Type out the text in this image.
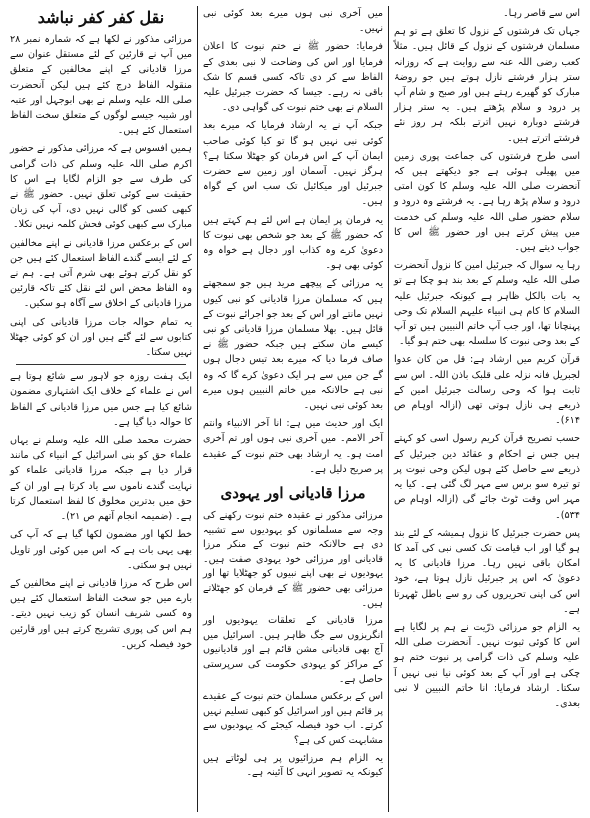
اس سے قاصر رہا۔

جہاں تک فرشتوں کے نزول کا تعلق ہے تو ہم مسلمان فرشتوں کے نزول کے قائل ہیں۔ مثلاً کعب رضی اللہ عنہ سے روایت ہے کہ روزانہ ستر ہزار فرشتے نازل ہوتے ہیں جو روضۂ مبارک کو گھیرے رہتے ہیں اور صبح و شام آپ پر درود و سلام پڑھتے ہیں۔ یہ ستر ہزار فرشتے دوبارہ نہیں اترتے بلکہ ہر روز نئے فرشتے اترتے ہیں۔

اسی طرح فرشتوں کی جماعت پوری زمین میں پھیلی ہوئی ہے جو دیکھتے ہیں کہ آنحضرت صلی اللہ علیہ وسلم کا کون امتی درود و سلام پڑھ رہا ہے۔ یہ فرشتے وہ درود و سلام حضور صلی اللہ علیہ وسلم کی خدمت میں پیش کرتے ہیں اور حضور ﷺ اس کا جواب دیتے ہیں۔

رہا یہ سوال کہ جبرئیل امین کا نزول آنحضرت صلی اللہ علیہ وسلم کے بعد بند ہو چکا ہے تو یہ بات بالکل ظاہر ہے کیونکہ جبرئیل علیہ السلام کا کام ہی انبیاء علیہم السلام تک وحی پہنچانا تھا، اور جب آپ خاتم النبیین ہیں تو آپ کے بعد وحی نبوت کا سلسلہ بھی ختم ہو گیا۔

قرآن کریم میں ارشاد ہے: قل من کان عدوا لجبریل فانہ نزلہ علی قلبک باذن اللہ۔ اس سے ثابت ہوا کہ وحی رسالت جبرئیل امین کے ذریعے ہی نازل ہوتی تھی (ازالہ اوہام ص ۶۱۴)۔

حسب تصریح قرآن کریم رسول اسی کو کہتے ہیں جس نے احکام و عقائد دین جبرئیل کے ذریعے سے حاصل کئے ہوں لیکن وحی نبوت پر تو تیرہ سو برس سے مہر لگ گئی ہے۔ کیا یہ مہر اس وقت ٹوٹ جائے گی (ازالہ اوہام ص ۵۳۴)۔

پس حضرت جبرئیل کا نزول ہمیشہ کے لئے بند ہو گیا اور اب قیامت تک کسی نبی کی آمد کا امکان باقی نہیں رہا۔ مرزا قادیانی کا یہ دعویٰ کہ اس پر جبرئیل نازل ہوتا ہے، خود اس کی اپنی تحریروں کی رو سے باطل ٹھہرتا ہے۔

یہ الزام جو مرزائی ذرّیت نے ہم پر لگایا ہے اس کا کوئی ثبوت نہیں۔ آنحضرت صلی اللہ علیہ وسلم کی ذات گرامی پر نبوت ختم ہو چکی ہے اور آپ کے بعد کوئی نیا نبی نہیں آ سکتا۔ ارشاد فرمایا: انا خاتم النبیین لا نبی بعدی۔

میں آخری نبی ہوں میرے بعد کوئی نبی نہیں۔

فرمایا: حضور ﷺ نے ختم نبوت کا اعلان فرمایا اور اس کی وضاحت لا نبی بعدی کے الفاظ سے کر دی تاکہ کسی قسم کا شک باقی نہ رہے۔ جیسا کہ حضرت جبرئیل علیہ السلام نے بھی ختم نبوت کی گواہی دی۔

جبکہ آپ نے یہ ارشاد فرمایا کہ میرے بعد کوئی نبی نہیں ہو گا تو کیا کوئی صاحب ایمان آپ کے اس فرمان کو جھٹلا سکتا ہے؟ ہرگز نہیں۔ آسمان اور زمین سے حضرت جبرئیل اور میکائیل تک سب اس کے گواہ ہیں۔

یہ فرمان پر ایمان ہے اس لئے ہم کہتے ہیں کہ حضور ﷺ کے بعد جو شخص بھی نبوت کا دعویٰ کرے وہ کذاب اور دجال ہے خواہ وہ کوئی بھی ہو۔

یہ مرزائی کے پیچھے مرید ہیں جو سمجھتے ہیں کہ مسلمان مرزا قادیانی کو نبی کیوں نہیں مانتے اور اس کے بعد جو اجرائے نبوت کے قائل ہیں۔ بھلا مسلمان مرزا قادیانی کو نبی کیسے مان سکتے ہیں جبکہ حضور ﷺ نے صاف فرما دیا کہ میرے بعد تیس دجال ہوں گے جن میں سے ہر ایک دعویٰ کرے گا کہ وہ نبی ہے حالانکہ میں خاتم النبیین ہوں میرے بعد کوئی نبی نہیں۔

ایک اور حدیث میں ہے: انا آخر الانبیاء وانتم آخر الامم۔ میں آخری نبی ہوں اور تم آخری امت ہو۔ یہ ارشاد بھی ختم نبوت کے عقیدے پر صریح دلیل ہے۔

مرزا قادیانی اور یہودی

مرزائی مذکور نے عقیدہ ختم نبوت رکھنے کی وجہ سے مسلمانوں کو یہودیوں سے تشبیہ دی ہے حالانکہ ختم نبوت کے منکر مرزا قادیانی اور مرزائی خود یہودی صفت ہیں۔ یہودیوں نے بھی اپنے نبیوں کو جھٹلایا تھا اور مرزائی بھی حضور ﷺ کے فرمان کو جھٹلاتے ہیں۔

مرزا قادیانی کے تعلقات یہودیوں اور انگریزوں سے جگ ظاہر ہیں۔ اسرائیل میں آج بھی قادیانی مشن قائم ہے اور قادیانیوں کے مراکز کو یہودی حکومت کی سرپرستی حاصل ہے۔

اس کے برعکس مسلمان ختم نبوت کے عقیدے پر قائم ہیں اور اسرائیل کو کبھی تسلیم نہیں کرتے۔ اب خود فیصلہ کیجئے کہ یہودیوں سے مشابہت کس کی ہے؟

یہ الزام ہم مرزائیوں پر ہی لوٹاتے ہیں کیونکہ یہ تصویر انہی کا آئینہ ہے۔

نقل کفر کفر نباشد

مرزائی مذکور نے لکھا ہے کہ شمارہ نمبر ۲۸ میں آپ نے قارئین کے لئے مستقل عنوان سے مرزا قادیانی کے اپنے مخالفین کے متعلق منقولہ الفاظ درج کئے ہیں لیکن آنحضرت صلی اللہ علیہ وسلم نے بھی ابوجہل اور عتبہ اور شیبہ جیسے لوگوں کے متعلق سخت الفاظ استعمال کئے ہیں۔

ہمیں افسوس ہے کہ مرزائی مذکور نے حضور اکرم صلی اللہ علیہ وسلم کی ذات گرامی کی طرف سے جو الزام لگایا ہے اس کا حقیقت سے کوئی تعلق نہیں۔ حضور ﷺ نے کبھی کسی کو گالی نہیں دی، آپ کی زبان مبارک سے کبھی کوئی فحش کلمہ نہیں نکلا۔

اس کے برعکس مرزا قادیانی نے اپنے مخالفین کے لئے ایسے گندے الفاظ استعمال کئے ہیں جن کو نقل کرتے ہوئے بھی شرم آتی ہے۔ ہم نے وہ الفاظ محض اس لئے نقل کئے تاکہ قارئین مرزا قادیانی کے اخلاق سے آگاہ ہو سکیں۔

یہ تمام حوالہ جات مرزا قادیانی کی اپنی کتابوں سے لئے گئے ہیں اور ان کو کوئی جھٹلا نہیں سکتا۔

ایک ہفت روزہ جو لاہور سے شائع ہوتا ہے اس نے علماء کے خلاف ایک اشتہاری مضمون شائع کیا ہے جس میں مرزا قادیانی کے الفاظ کا حوالہ دیا گیا ہے۔

حضرت محمد صلی اللہ علیہ وسلم نے یہاں علماء حق کو بنی اسرائیل کے انبیاء کی مانند قرار دیا ہے جبکہ مرزا قادیانی علماء کو نہایت گندے ناموں سے یاد کرتا ہے اور ان کے حق میں بدترین مخلوق کا لفظ استعمال کرتا ہے۔ (ضمیمہ انجام آتھم ص ۲۱)۔

خط لکھا اور مضمون لکھا گیا ہے کہ آپ کی بھی یہی بات ہے کہ اس میں کوئی اور تاویل نہیں ہو سکتی۔

اس طرح کہ مرزا قادیانی نے اپنے مخالفین کے بارے میں جو سخت الفاظ استعمال کئے ہیں وہ کسی شریف انسان کو زیب نہیں دیتے۔ ہم اس کی پوری تشریح کرتے ہیں اور قارئین خود فیصلہ کریں۔
